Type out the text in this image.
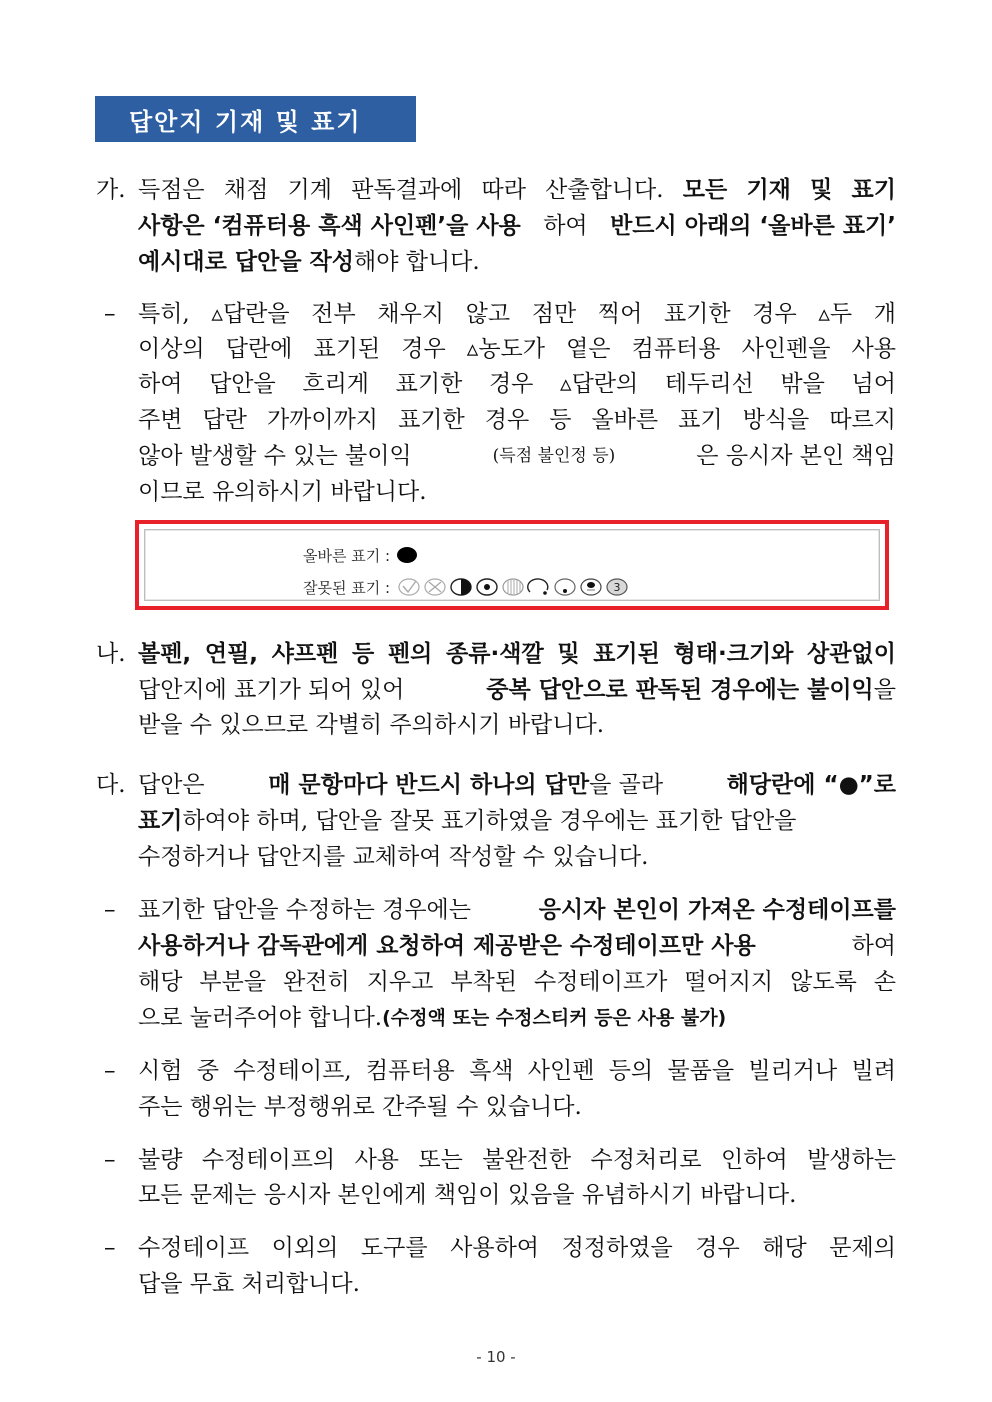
답안지 기재 및 표기
가. 득점은 채점 기계 판독결과에 따라 산출합니다. 모든 기재 및 표기
사항은 ‘컴퓨터용 흑색 사인펜’을 사용 하여 반드시 아래의 ‘올바른 표기’
예시대로 답안을 작성 해야 합니다.
– 특히, ▵답란을 전부 채우지 않고 점만 찍어 표기한 경우 ▵두 개
이상의 답란에 표기된 경우 ▵농도가 옅은 컴퓨터용 사인펜을 사용
하여 답안을 흐리게 표기한 경우 ▵답란의 테두리선 밖을 넘어
주변 답란 가까이까지 표기한 경우 등 올바른 표기 방식을 따르지
않아 발생할 수 있는 불이익	(득점 불인정 등)	은 응시자 본인 책임
이므로 유의하시기 바랍니다.
올바른 표기 :
잘못된 표기 :	3
나. 볼펜, 연필, 샤프펜 등 펜의 종류·색깔 및 표기된 형태·크기와 상관없이
답안지에 표기가 되어 있어	중복 답안으로 판독된 경우에는 불이익 을
받을 수 있으므로 각별히 주의하시기 바랍니다.
다. 답안은	매 문항마다 반드시 하나의 답만 을 골라	해당란에 “●”로
표기 하여야 하며, 답안을 잘못 표기하였을 경우에는 표기한 답안을
수정하거나 답안지를 교체하여 작성할 수 있습니다.
– 표기한 답안을 수정하는 경우에는	응시자 본인이 가져온 수정테이프를
사용하거나 감독관에게 요청하여 제공받은 수정테이프만 사용	하여
해당 부분을 완전히 지우고 부착된 수정테이프가 떨어지지 않도록 손
으로 눌러주어야 합니다. (수정액 또는 수정스티커 등은 사용 불가)
– 시험 중 수정테이프, 컴퓨터용 흑색 사인펜 등의 물품을 빌리거나 빌려
주는 행위는 부정행위로 간주될 수 있습니다.
– 불량 수정테이프의 사용 또는 불완전한 수정처리로 인하여 발생하는
모든 문제는 응시자 본인에게 책임이 있음을 유념하시기 바랍니다.
– 수정테이프 이외의 도구를 사용하여 정정하였을 경우 해당 문제의
답을 무효 처리합니다.
- 10 -
